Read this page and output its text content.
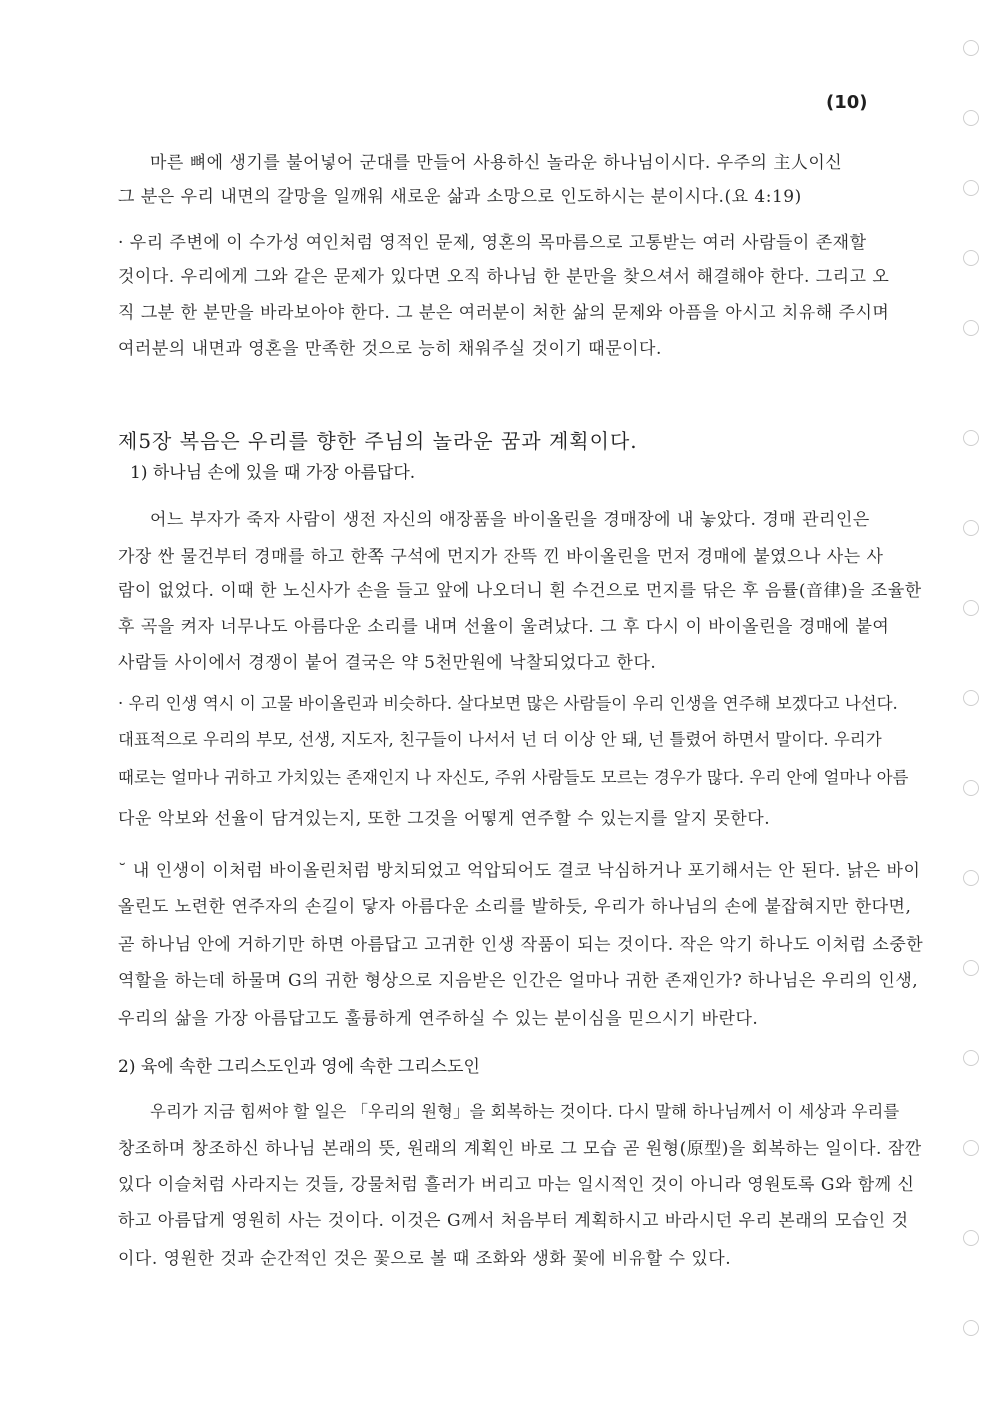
(10)
마른 뼈에 생기를 불어넣어 군대를 만들어 사용하신 놀라운 하나님이시다. 우주의 主人이신
그 분은 우리 내면의 갈망을 일깨워 새로운 삶과 소망으로 인도하시는 분이시다.(요 4:19)
· 우리 주변에 이 수가성 여인처럼 영적인 문제, 영혼의 목마름으로 고통받는 여러 사람들이 존재할
것이다. 우리에게 그와 같은 문제가 있다면 오직 하나님 한 분만을 찾으셔서 해결해야 한다. 그리고 오
직 그분 한 분만을 바라보아야 한다. 그 분은 여러분이 처한 삶의 문제와 아픔을 아시고 치유해 주시며
여러분의 내면과 영혼을 만족한 것으로 능히 채워주실 것이기 때문이다.
제5장 복음은 우리를 향한 주님의 놀라운 꿈과 계획이다.
1) 하나님 손에 있을 때 가장 아름답다.
어느 부자가 죽자 사람이 생전 자신의 애장품을 바이올린을 경매장에 내 놓았다. 경매 관리인은
가장 싼 물건부터 경매를 하고 한쪽 구석에 먼지가 잔뜩 낀 바이올린을 먼저 경매에 붙였으나 사는 사
람이 없었다. 이때 한 노신사가 손을 들고 앞에 나오더니 흰 수건으로 먼지를 닦은 후 음률(音律)을 조율한
후 곡을 켜자 너무나도 아름다운 소리를 내며 선율이 울려났다. 그 후 다시 이 바이올린을 경매에 붙여
사람들 사이에서 경쟁이 붙어 결국은 약 5천만원에 낙찰되었다고 한다.
· 우리 인생 역시 이 고물 바이올린과 비슷하다. 살다보면 많은 사람들이 우리 인생을 연주해 보겠다고 나선다.
대표적으로 우리의 부모, 선생, 지도자, 친구들이 나서서 넌 더 이상 안 돼, 넌 틀렸어 하면서 말이다. 우리가
때로는 얼마나 귀하고 가치있는 존재인지 나 자신도, 주위 사람들도 모르는 경우가 많다. 우리 안에 얼마나 아름
다운 악보와 선율이 담겨있는지, 또한 그것을 어떻게 연주할 수 있는지를 알지 못한다.
˘ 내 인생이 이처럼 바이올린처럼 방치되었고 억압되어도 결코 낙심하거나 포기해서는 안 된다. 낡은 바이
올린도 노련한 연주자의 손길이 닿자 아름다운 소리를 발하듯, 우리가 하나님의 손에 붙잡혀지만 한다면,
곧 하나님 안에 거하기만 하면 아름답고 고귀한 인생 작품이 되는 것이다. 작은 악기 하나도 이처럼 소중한
역할을 하는데 하물며 G의 귀한 형상으로 지음받은 인간은 얼마나 귀한 존재인가? 하나님은 우리의 인생,
우리의 삶을 가장 아름답고도 훌륭하게 연주하실 수 있는 분이심을 믿으시기 바란다.
2) 육에 속한 그리스도인과 영에 속한 그리스도인
우리가 지금 힘써야 할 일은 「우리의 원형」을 회복하는 것이다. 다시 말해 하나님께서 이 세상과 우리를
창조하며 창조하신 하나님 본래의 뜻, 원래의 계획인 바로 그 모습 곧 원형(原型)을 회복하는 일이다. 잠깐
있다 이슬처럼 사라지는 것들, 강물처럼 흘러가 버리고 마는 일시적인 것이 아니라 영원토록 G와 함께 신
하고 아름답게 영원히 사는 것이다. 이것은 G께서 처음부터 계획하시고 바라시던 우리 본래의 모습인 것
이다. 영원한 것과 순간적인 것은 꽃으로 볼 때 조화와 생화 꽃에 비유할 수 있다.
